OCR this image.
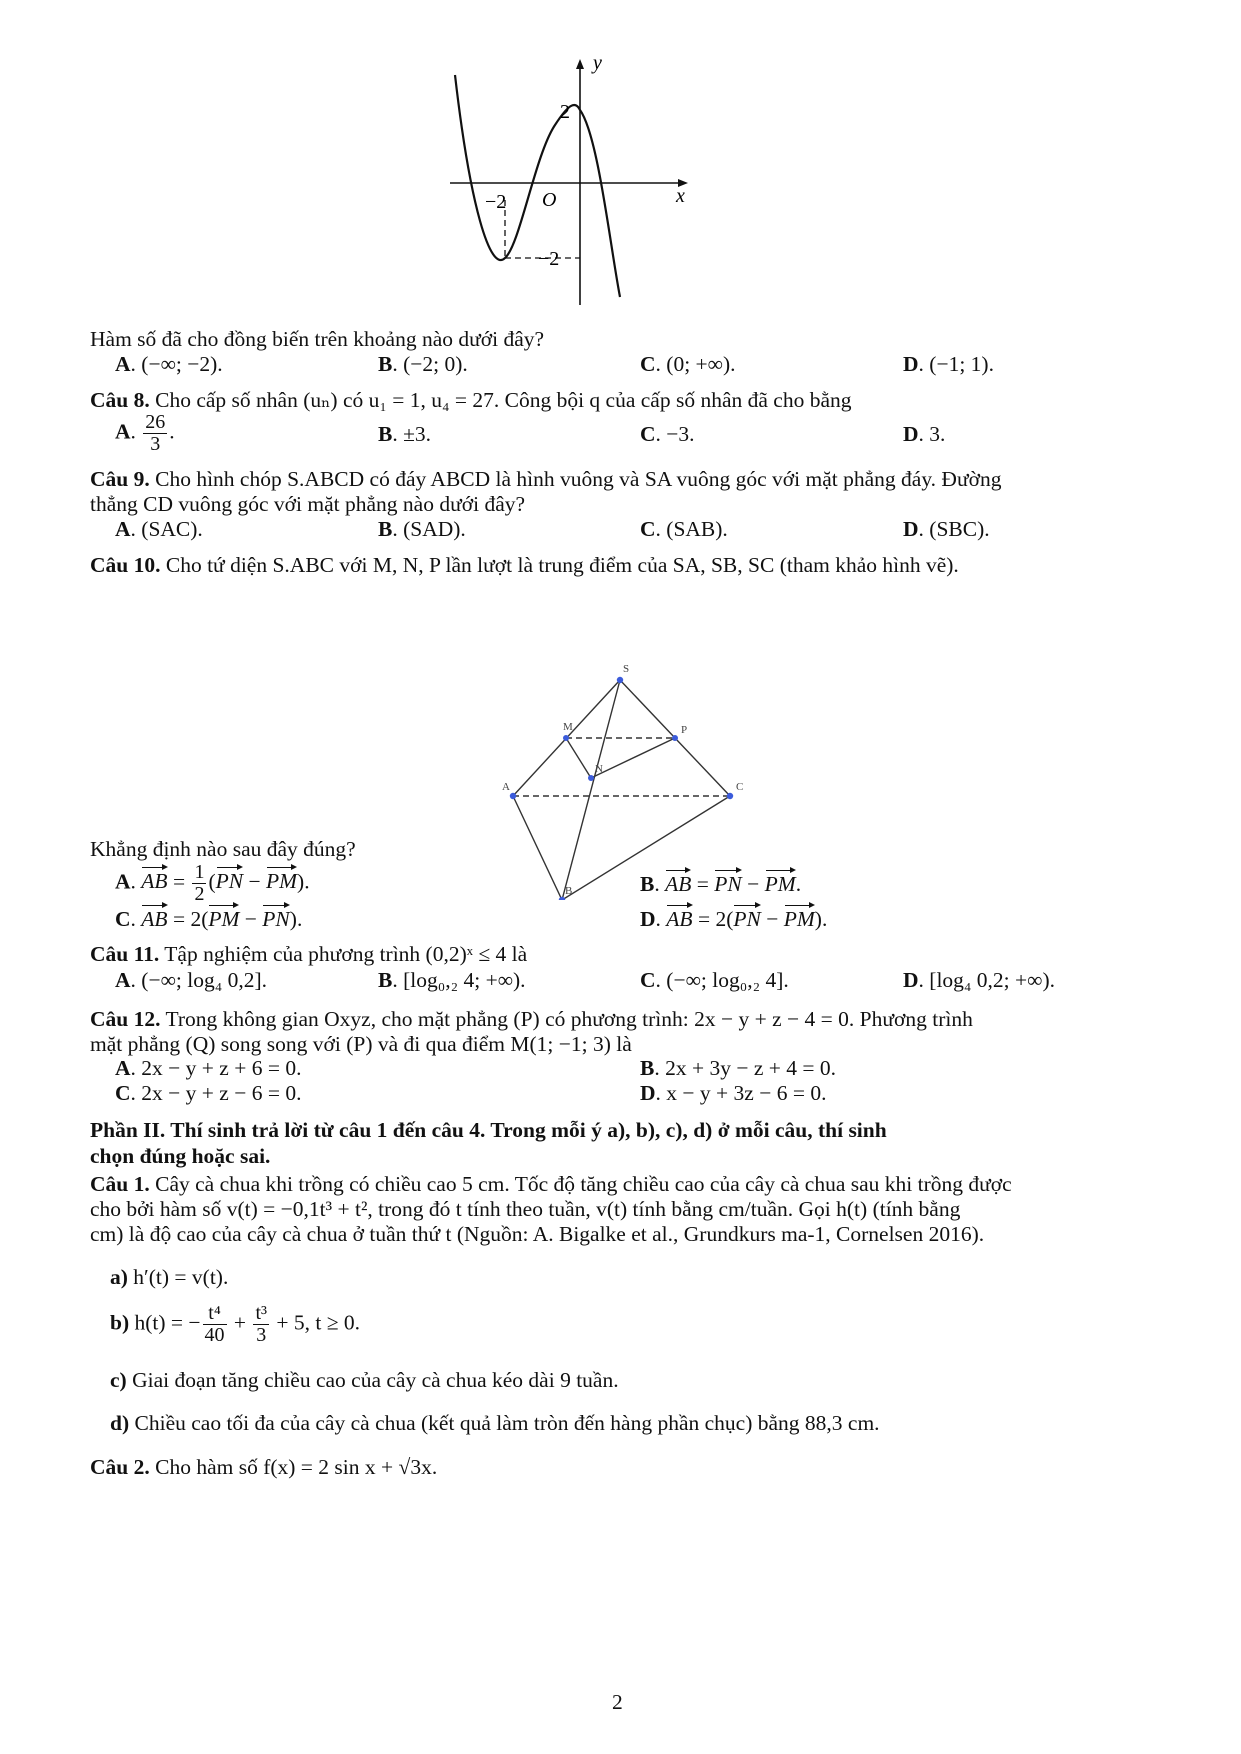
y
x
2
−2 O
−2
Hàm số đã cho đồng biến trên khoảng nào dưới đây?
A. (−∞; −2).	B. (−2; 0).	C. (0; +∞).	D. (−1; 1).
Câu 8. Cho cấp số nhân (uₙ) có u₁ = 1, u₄ = 27. Công bội q của cấp số nhân đã cho bằng
A. $\frac{26}{3}$ .	B. ±3.	C. −3.	D. 3.
Câu 9. Cho hình chóp S.ABCD có đáy ABCD là hình vuông và SA vuông góc với mặt phẳng đáy. Đường
thẳng CD vuông góc với mặt phẳng nào dưới đây?
A. (SAC).	B. (SAD).	C. (SAB).	D. (SBC).
Câu 10. Cho tứ diện S.ABC với M, N, P lần lượt là trung điểm của SA, SB, SC (tham khảo hình vẽ).
S
M	P
N
A	C
B
Khẳng định nào sau đây đúng?
A. AB = $\frac{1}{2} (PN - PM)$.	B. AB = PN − PM.
C. AB = 2(PM − PN).	D. AB = 2(PN − PM).
Câu 11. Tập nghiệm của phương trình (0,2)ˣ ≤ 4 là
A. (−∞; log₄ 0,2].	B. [log₀,₂ 4; +∞).	C. (−∞; log₀,₂ 4].	D. [log₄ 0,2; +∞).
Câu 12. Trong không gian Oxyz, cho mặt phẳng (P) có phương trình: 2x − y + z − 4 = 0. Phương trình
mặt phẳng (Q) song song với (P) và đi qua điểm M(1; −1; 3) là
A. 2x − y + z + 6 = 0.	B. 2x + 3y − z + 4 = 0.
C. 2x − y + z − 6 = 0.	D. x − y + 3z − 6 = 0.
Phần II. Thí sinh trả lời từ câu 1 đến câu 4. Trong mỗi ý a), b), c), d) ở mỗi câu, thí sinh
chọn đúng hoặc sai.
Câu 1. Cây cà chua khi trồng có chiều cao 5 cm. Tốc độ tăng chiều cao của cây cà chua sau khi trồng được
cho bởi hàm số v(t) = −0,1t³ + t², trong đó t tính theo tuần, v(t) tính bằng cm/tuần. Gọi h(t) (tính bằng
cm) là độ cao của cây cà chua ở tuần thứ t (Nguồn: A. Bigalke et al., Grundkurs ma-1, Cornelsen 2016).
a) h′(t) = v(t).
b) h(t) = − $\frac{\text{t⁴}}{40} + \frac{\text{t³}}{3} + 5$, t ≥ 0.
c) Giai đoạn tăng chiều cao của cây cà chua kéo dài 9 tuần.
d) Chiều cao tối đa của cây cà chua (kết quả làm tròn đến hàng phần chục) bằng 88,3 cm.
Câu 2. Cho hàm số f(x) = 2 sin x + √3x.
2
